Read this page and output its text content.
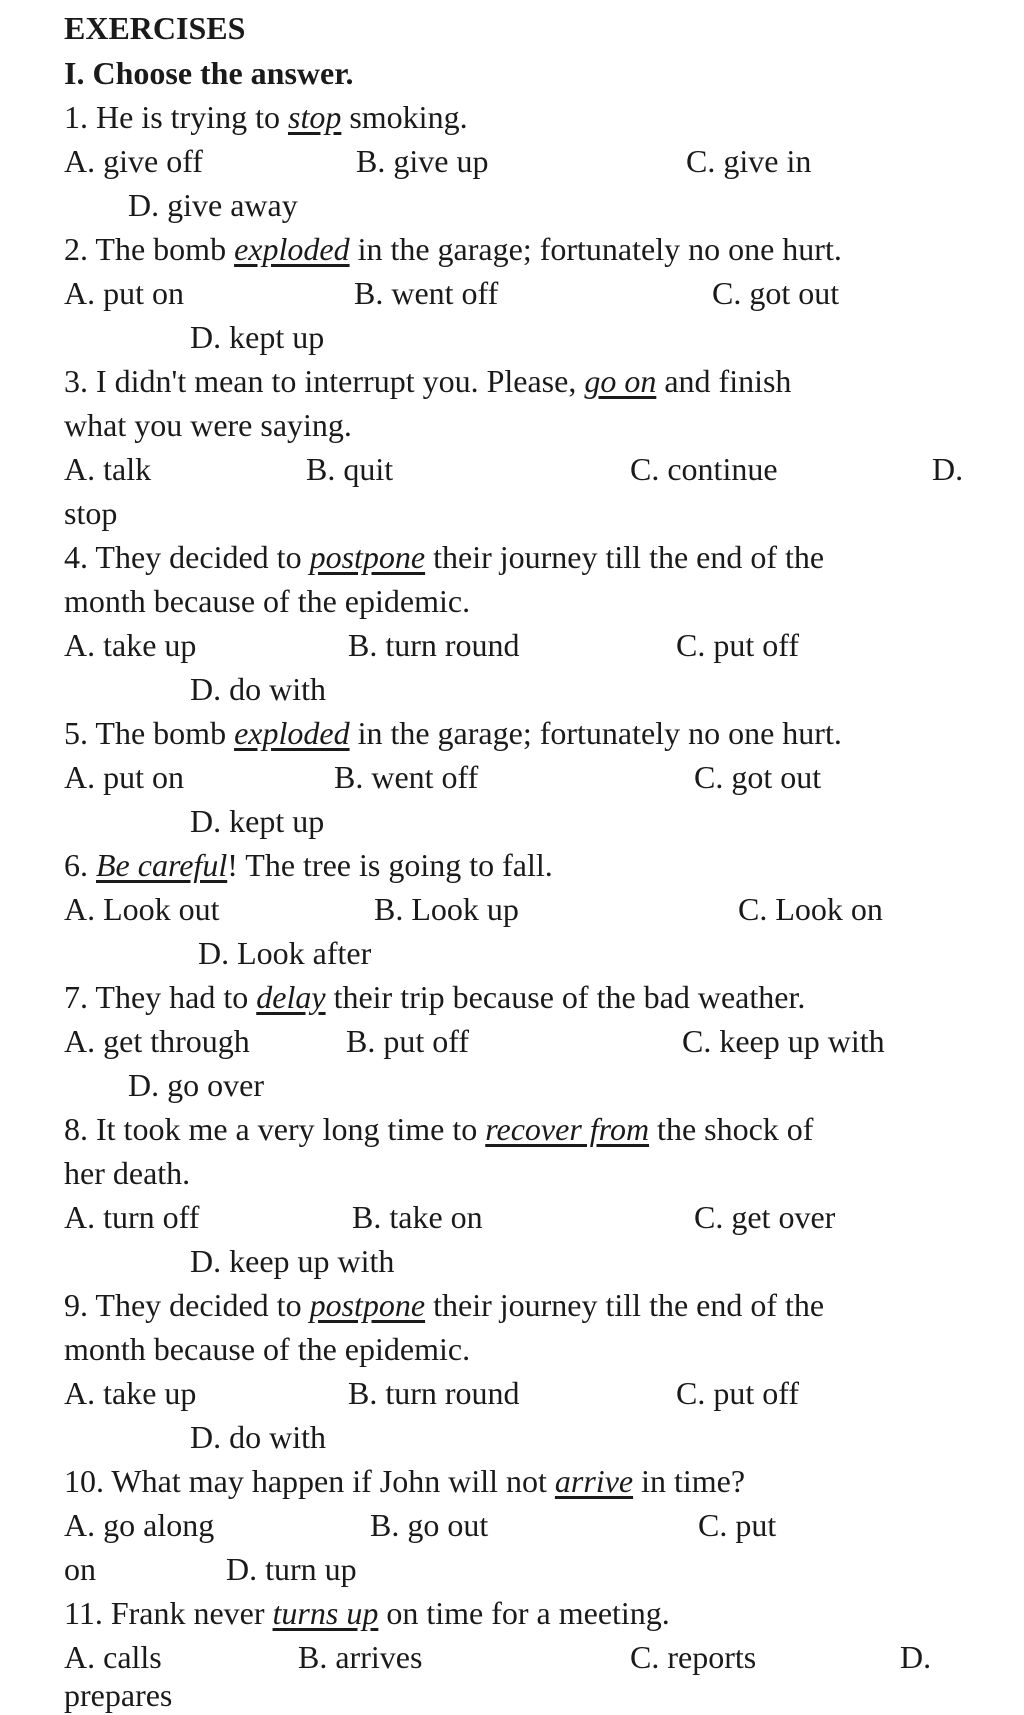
EXERCISES
I. Choose the answer.
1. He is trying to stop smoking.
A. give off	B. give up	C. give in
D. give away
2. The bomb exploded in the garage; fortunately no one hurt.
A. put on	B. went off	C. got out
D. kept up
3. I didn't mean to interrupt you. Please, go on and finish
what you were saying.
A. talk	B. quit	C. continue	D.
stop
4. They decided to postpone their journey till the end of the
month because of the epidemic.
A. take up	B. turn round	C. put off
D. do with
5. The bomb exploded in the garage; fortunately no one hurt.
A. put on	B. went off	C. got out
D. kept up
6. Be careful! The tree is going to fall.
A. Look out	B. Look up	C. Look on
D. Look after
7. They had to delay their trip because of the bad weather.
A. get through	B. put off	C. keep up with
D. go over
8. It took me a very long time to recover from the shock of
her death.
A. turn off	B. take on	C. get over
D. keep up with
9. They decided to postpone their journey till the end of the
month because of the epidemic.
A. take up	B. turn round	C. put off
D. do with
10. What may happen if John will not arrive in time?
A. go along	B. go out	C. put
on	D. turn up
11. Frank never turns up on time for a meeting.
A. calls	B. arrives	C. reports	D.
prepares
